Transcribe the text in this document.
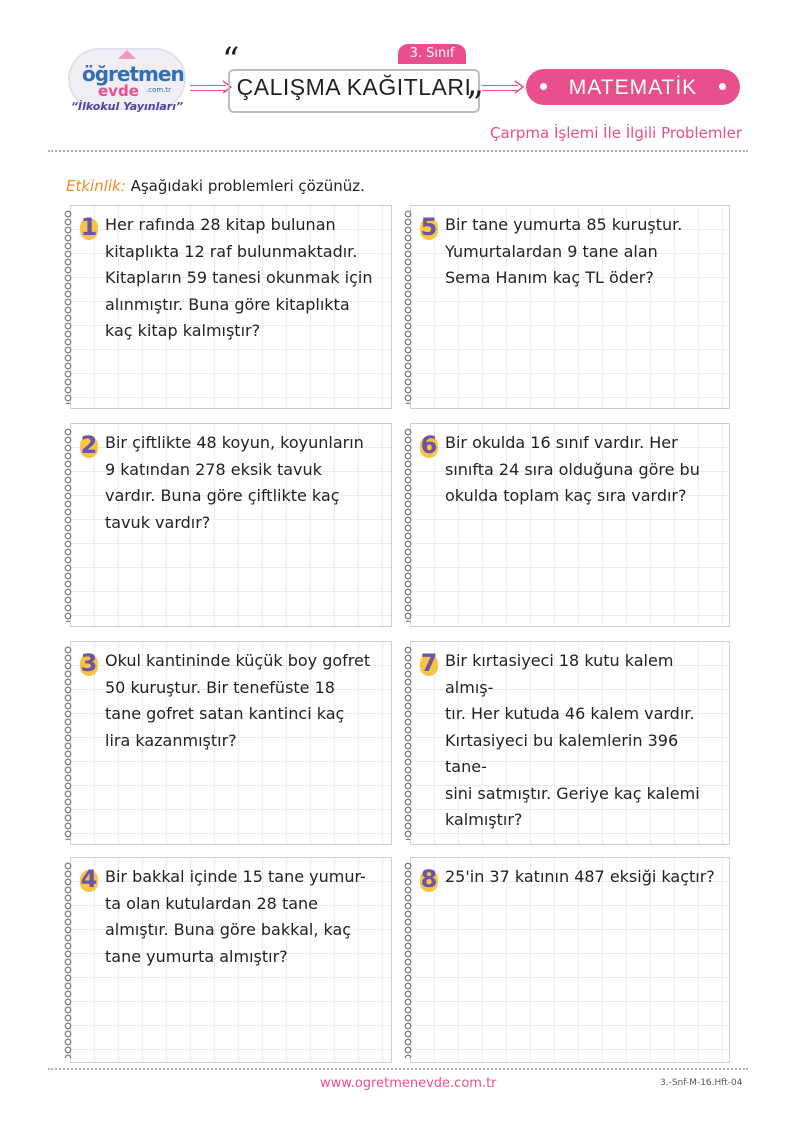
öğretmen
evde .com.tr
“İlkokul Yayınları”
3. Sınıf
“
ÇALIŞMA KAĞITLARI
”	MATEMATİK
Çarpma İşlemi İle İlgili Problemler
Etkinlik: Aşağıdaki problemleri çözünüz.
1 Her rafında 28 kitap bulunan
kitaplıkta 12 raf bulunmaktadır.
Kitapların 59 tanesi okunmak için
alınmıştır. Buna göre kitaplıkta
kaç kitap kalmıştır?
2 Bir çiftlikte 48 koyun, koyunların
9 katından 278 eksik tavuk
vardır. Buna göre çiftlikte kaç
tavuk vardır?
3 Okul kantininde küçük boy gofret
50 kuruştur. Bir tenefüste 18
tane gofret satan kantinci kaç
lira kazanmıştır?
4 Bir bakkal içinde 15 tane yumur-
ta olan kutulardan 28 tane
almıştır. Buna göre bakkal, kaç
tane yumurta almıştır?
5 Bir tane yumurta 85 kuruştur.
Yumurtalardan 9 tane alan
Sema Hanım kaç TL öder?
6 Bir okulda 16 sınıf vardır. Her
sınıfta 24 sıra olduğuna göre bu
okulda toplam kaç sıra vardır?
7 Bir kırtasiyeci 18 kutu kalem almış-
tır. Her kutuda 46 kalem vardır.
Kırtasiyeci bu kalemlerin 396 tane-
sini satmıştır. Geriye kaç kalemi
kalmıştır?
8 25'in 37 katının 487 eksiği kaçtır?
www.ogretmenevde.com.tr	3.-Snf-M-16.Hft-04
